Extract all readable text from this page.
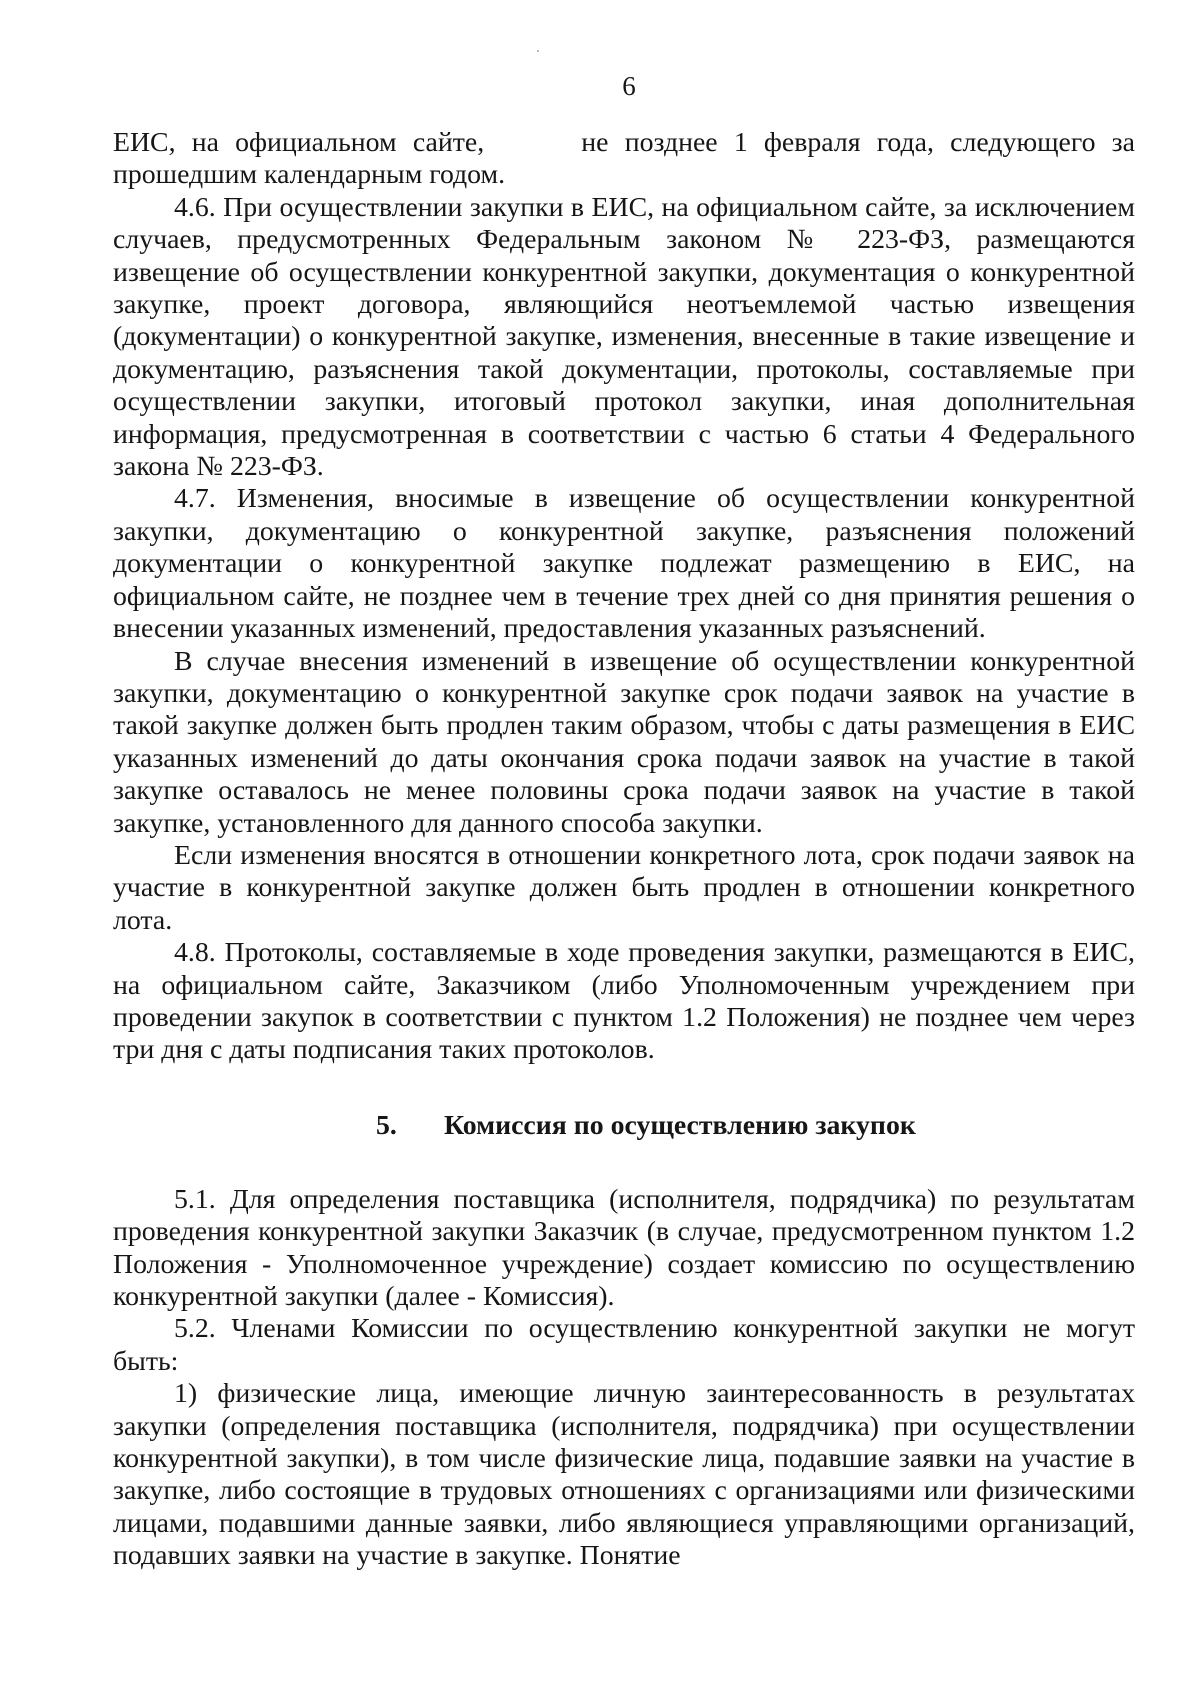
6

ЕИС, на официальном сайте,      не позднее 1 февраля года, следующего за прошедшим календарным годом.

4.6. При осуществлении закупки в ЕИС, на официальном сайте, за исключением случаев, предусмотренных Федеральным законом № 223-ФЗ, размещаются извещение об осуществлении конкурентной закупки, документация о конкурентной закупке, проект договора, являющийся неотъемлемой частью извещения (документации) о конкурентной закупке, изменения, внесенные в такие извещение и документацию, разъяснения такой документации, протоколы, составляемые при осуществлении закупки, итоговый протокол закупки, иная дополнительная информация, предусмотренная в соответствии с частью 6 статьи 4 Федерального закона № 223-ФЗ.

4.7. Изменения, вносимые в извещение об осуществлении конкурентной закупки, документацию о конкурентной закупке, разъяснения положений документации о конкурентной закупке подлежат размещению в ЕИС, на официальном сайте, не позднее чем в течение трех дней со дня принятия решения о внесении указанных изменений, предоставления указанных разъяснений.

В случае внесения изменений в извещение об осуществлении конкурентной закупки, документацию о конкурентной закупке срок подачи заявок на участие в такой закупке должен быть продлен таким образом, чтобы с даты размещения в ЕИС указанных изменений до даты окончания срока подачи заявок на участие в такой закупке оставалось не менее половины срока подачи заявок на участие в такой закупке, установленного для данного способа закупки.

Если изменения вносятся в отношении конкретного лота, срок подачи заявок на участие в конкурентной закупке должен быть продлен в отношении конкретного лота.

4.8. Протоколы, составляемые в ходе проведения закупки, размещаются в ЕИС, на официальном сайте, Заказчиком (либо Уполномоченным учреждением при проведении закупок в соответствии с пунктом 1.2 Положения) не позднее чем через три дня с даты подписания таких протоколов.

5. Комиссия по осуществлению закупок

5.1. Для определения поставщика (исполнителя, подрядчика) по результатам проведения конкурентной закупки Заказчик (в случае, предусмотренном пунктом 1.2 Положения - Уполномоченное учреждение) создает комиссию по осуществлению конкурентной закупки (далее - Комиссия).

5.2. Членами Комиссии по осуществлению конкурентной закупки не могут быть:

1) физические лица, имеющие личную заинтересованность в результатах закупки (определения поставщика (исполнителя, подрядчика) при осуществлении конкурентной закупки), в том числе физические лица, подавшие заявки на участие в закупке, либо состоящие в трудовых отношениях с организациями или физическими лицами, подавшими данные заявки, либо являющиеся управляющими организаций, подавших заявки на участие в закупке. Понятие
